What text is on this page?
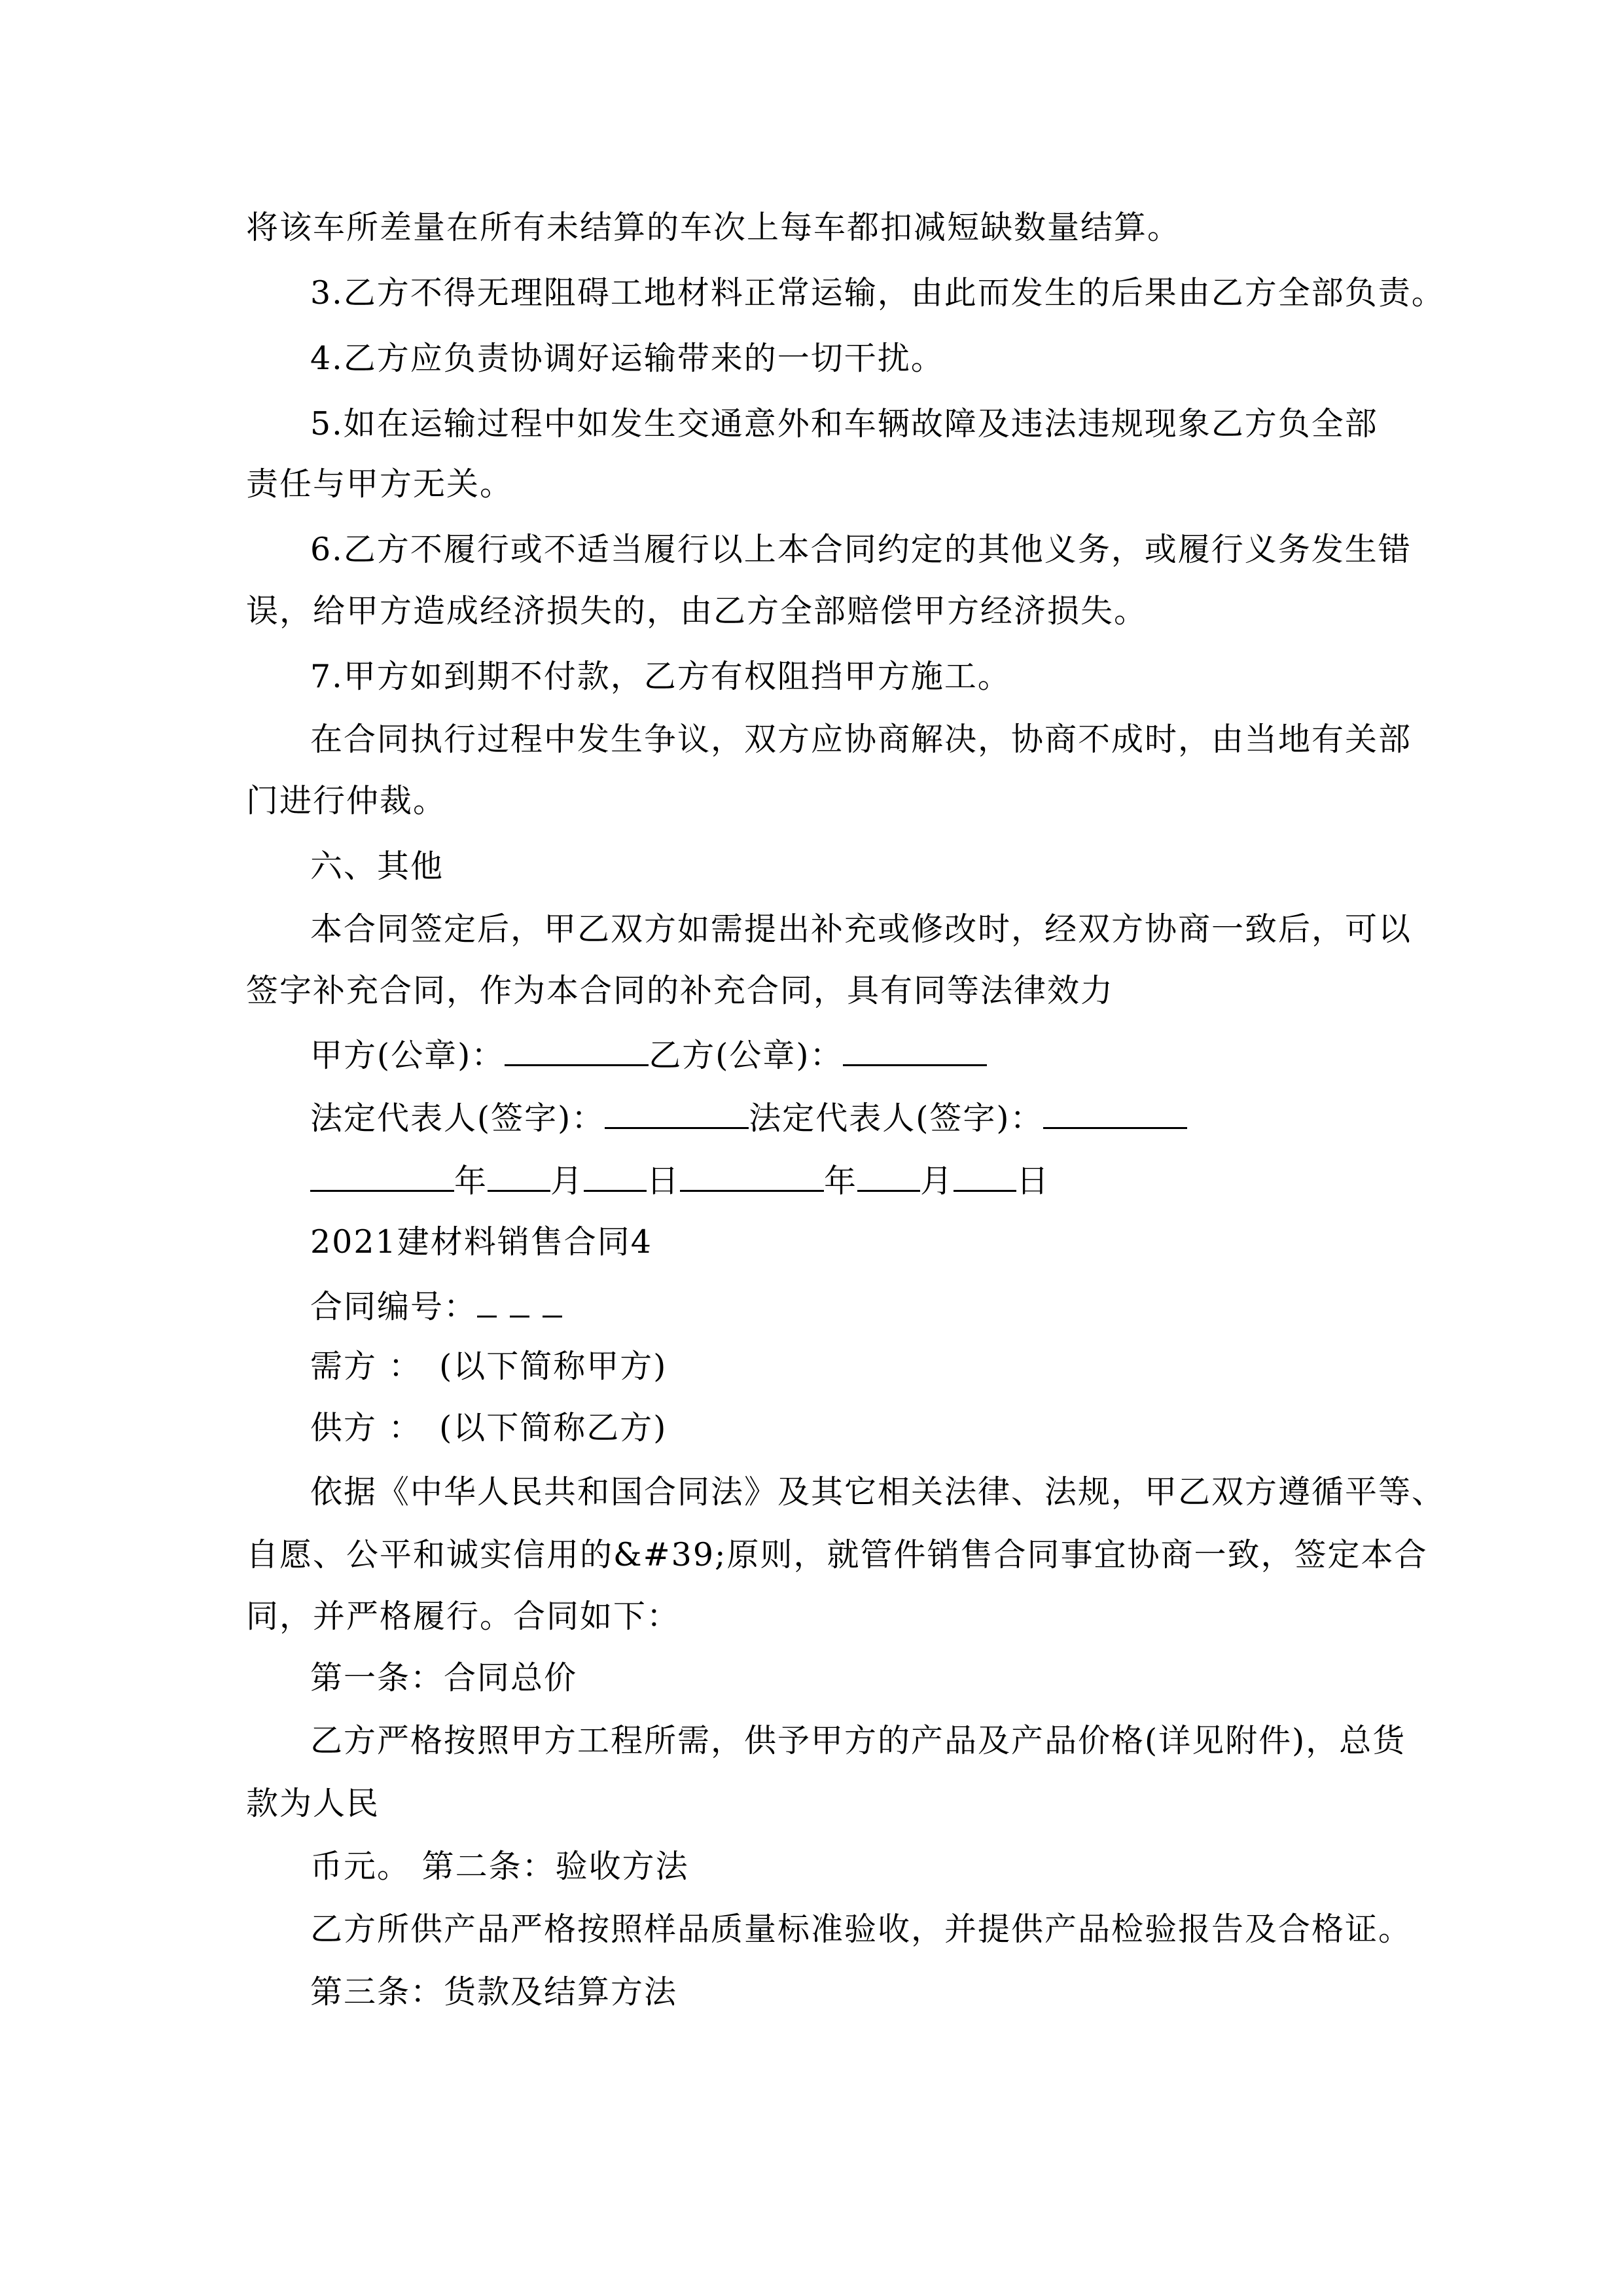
将该车所差量在所有未结算的车次上每车都扣减短缺数量结算。
3.乙方不得无理阻碍工地材料正常运输，由此而发生的后果由乙方全部负责。
4.乙方应负责协调好运输带来的一切干扰。
5.如在运输过程中如发生交通意外和车辆故障及违法违规现象乙方负全部
责任与甲方无关。
6.乙方不履行或不适当履行以上本合同约定的其他义务，或履行义务发生错
误，给甲方造成经济损失的，由乙方全部赔偿甲方经济损失。
7.甲方如到期不付款，乙方有权阻挡甲方施工。
在合同执行过程中发生争议，双方应协商解决，协商不成时，由当地有关部
门进行仲裁。
六、其他
本合同签定后，甲乙双方如需提出补充或修改时，经双方协商一致后，可以
签字补充合同，作为本合同的补充合同，具有同等法律效力
甲方(公章)：	乙方(公章)：
法定代表人(签字)：	法定代表人(签字)：
年 月 日	年 月 日
2021建材料销售合同4
合同编号：
需方 ：　 (以下简称甲方)
供方 ：　 (以下简称乙方)
依据《中华人民共和国合同法》及其它相关法律、法规，甲乙双方遵循平等、
自愿、公平和诚实信用的&#39;原则，就管件销售合同事宜协商一致，签定本合
同，并严格履行。合同如下：
第一条：合同总价
乙方严格按照甲方工程所需，供予甲方的产品及产品价格(详见附件)，总货
款为人民
币元。 第二条：验收方法
乙方所供产品严格按照样品质量标准验收，并提供产品检验报告及合格证。
第三条：货款及结算方法
